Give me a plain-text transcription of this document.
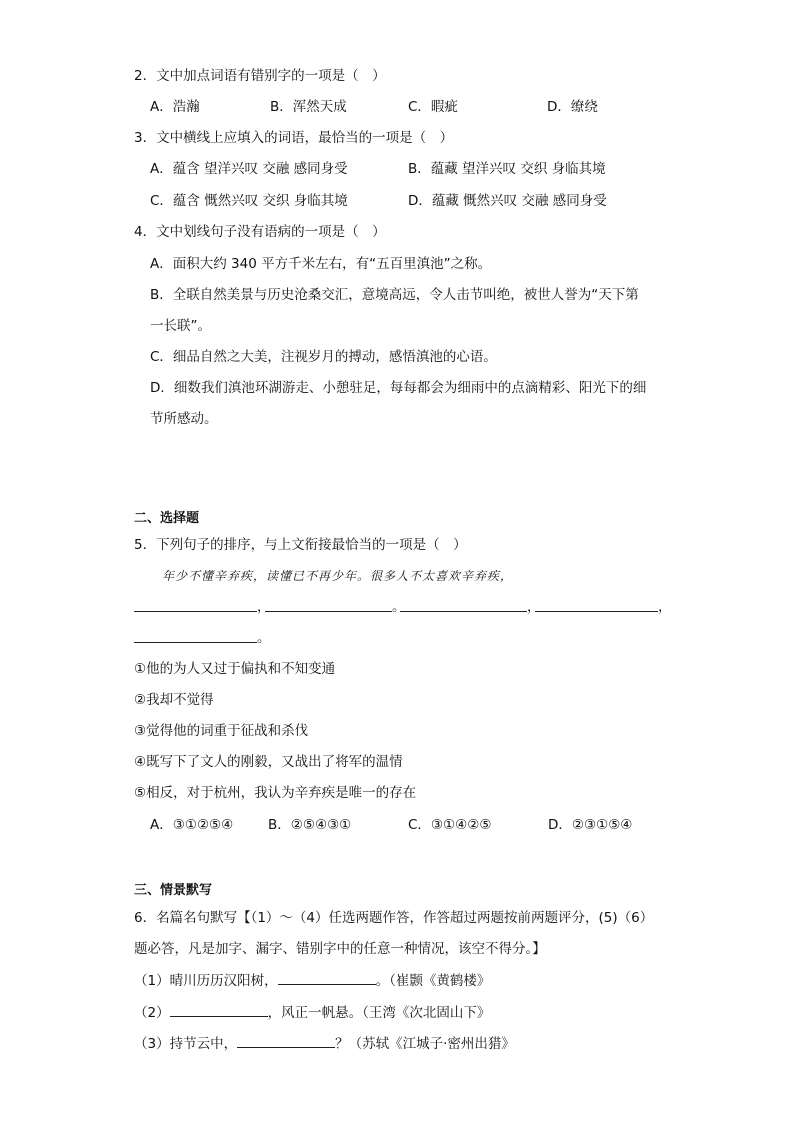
2．文中加点词语有错别字的一项是（　）
A．浩瀚	B．浑然天成	C．暇疵	D．缭绕
3．文中横线上应填入的词语，最恰当的一项是（　）
A．蕴含 望洋兴叹 交融 感同身受	B．蕴藏 望洋兴叹 交织 身临其境
C．蕴含 慨然兴叹 交织 身临其境	D．蕴藏 慨然兴叹 交融 感同身受
4．文中划线句子没有语病的一项是（　）
A．面积大约 340 平方千米左右，有“五百里滇池”之称。
B．全联自然美景与历史沧桑交汇，意境高远，令人击节叫绝，被世人誉为“天下第
一长联”。
C．细品自然之大美，注视岁月的搏动，感悟滇池的心语。
D．细数我们滇池环湖游走、小憩驻足，每每都会为细雨中的点滴精彩、阳光下的细
节所感动。
二、选择题
5．下列句子的排序，与上文衔接最恰当的一项是（　）
年少不懂辛弃疾，读懂已不再少年。很多人不太喜欢辛弃疾，
，	。	，	，
。
①他的为人又过于偏执和不知变通
②我却不觉得
③觉得他的词重于征战和杀伐
④既写下了文人的刚毅，又战出了将军的温情
⑤相反，对于杭州，我认为辛弃疾是唯一的存在
A．③①②⑤④	B．②⑤④③①	C．③①④②⑤	D．②③①⑤④
三、情景默写
6．名篇名句默写【（1）～（4）任选两题作答，作答超过两题按前两题评分，(5)（6）
题必答，凡是加字、漏字、错别字中的任意一种情况，该空不得分。】
（1）晴川历历汉阳树，	。（崔颢《黄鹤楼》
（2）	，风正一帆悬。（王湾《次北固山下》
（3）持节云中，	？（苏轼《江城子·密州出猎》
